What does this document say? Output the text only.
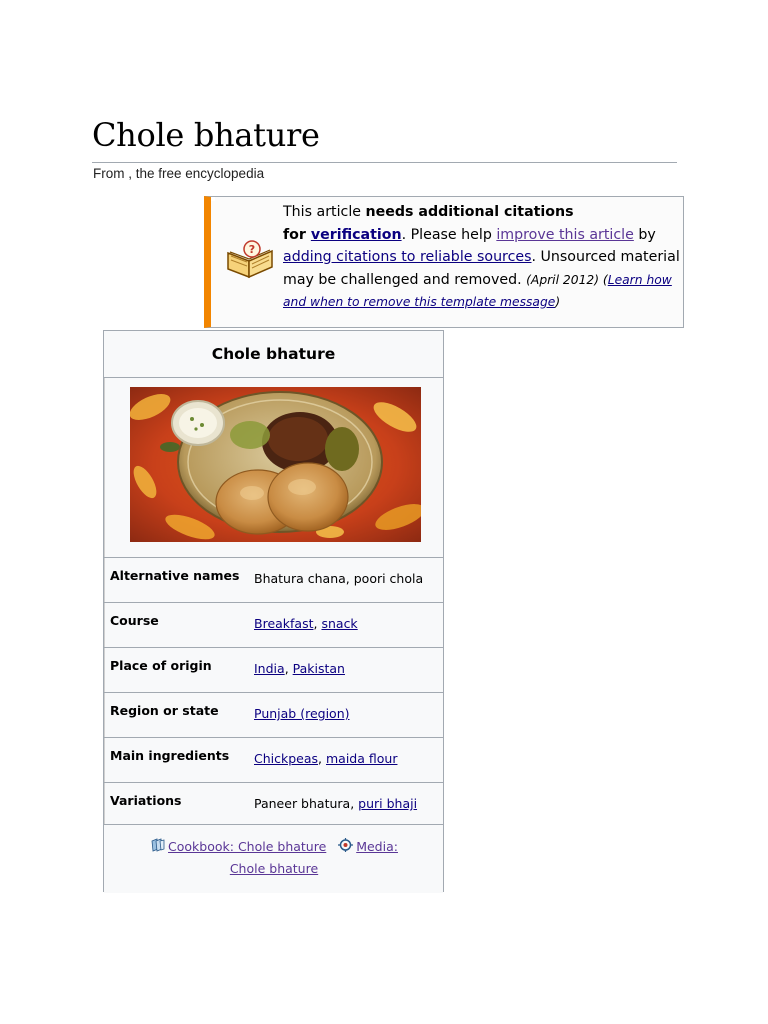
Chole bhature
From , the free encyclopedia
?
This article needs additional citations
for verification. Please help improve this article by adding citations to reliable sources. Unsourced material may be challenged and removed. (April 2012) (Learn how and when to remove this template message)
Chole bhature
Alternative names Bhatura chana, poori chola
Course	Breakfast, snack
Place of origin	India, Pakistan
Region or state	Punjab (region)
Main ingredients Chickpeas, maida flour
Variations	Paneer bhatura, puri bhaji
Cookbook: Chole bhature Media: Chole bhature
